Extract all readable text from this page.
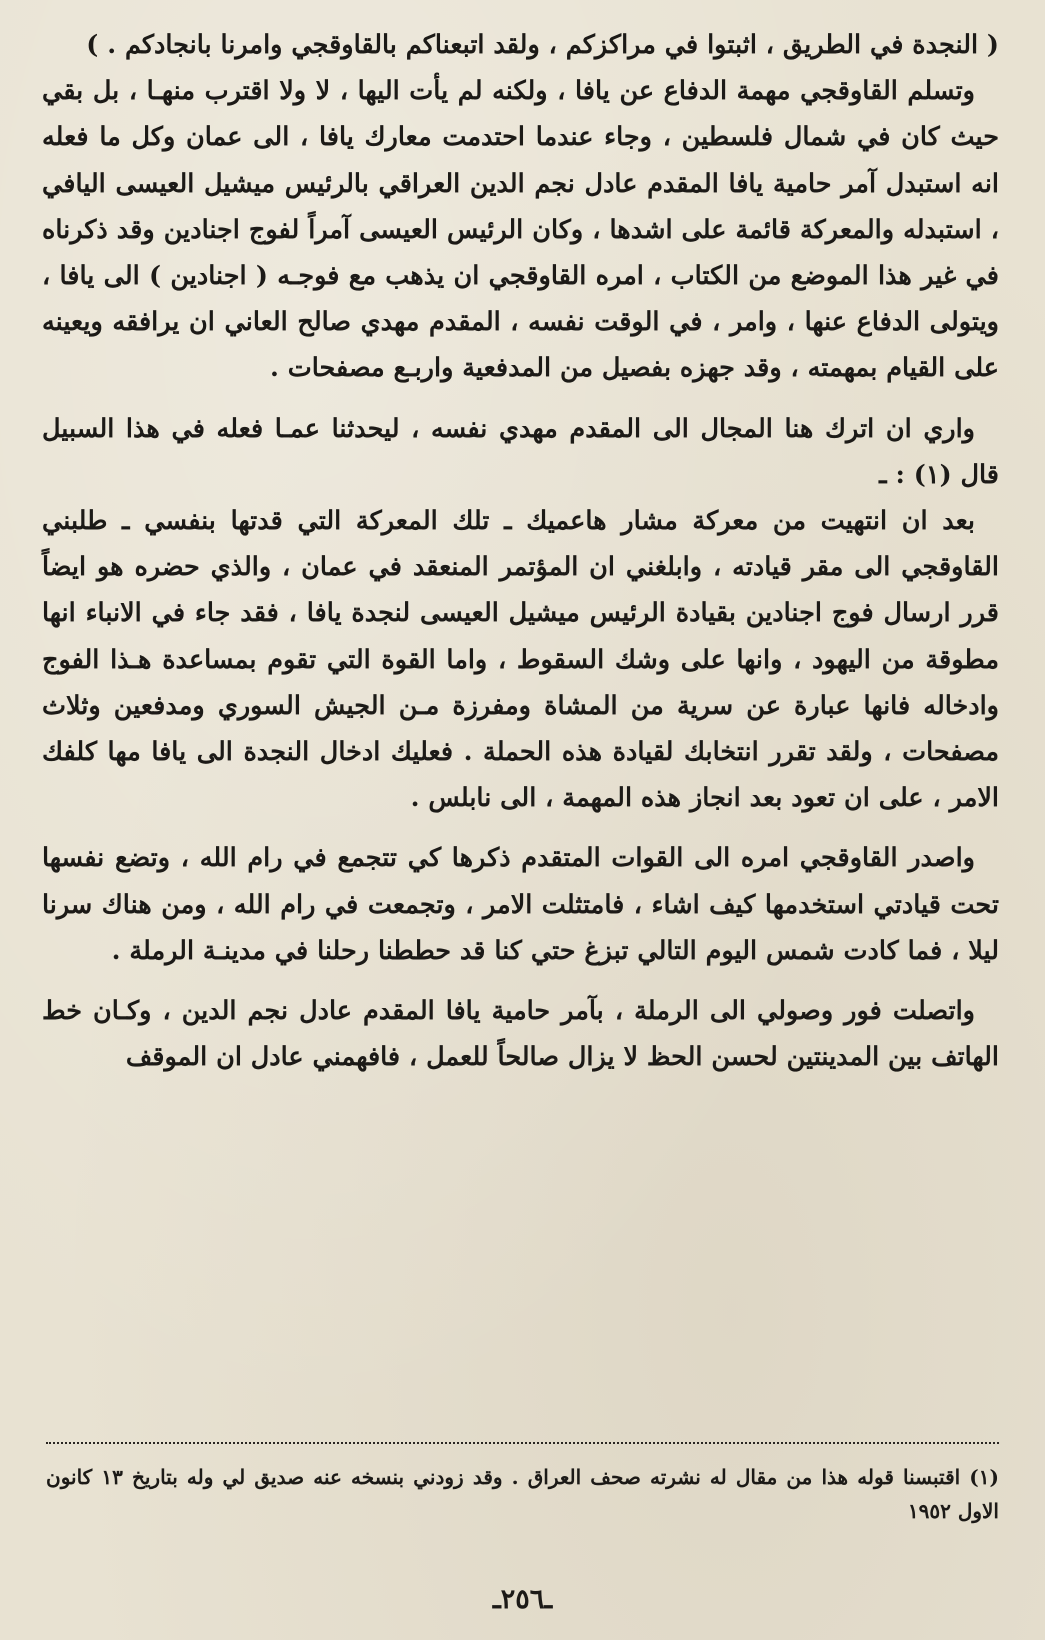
( النجدة في الطريق ، اثبتوا في مراكزكم ، ولقد اتبعناكم بالقاوقجي وامرنا بانجادكم . )

وتسلم القاوقجي مهمة الدفاع عن يافا ، ولكنه لم يأت اليها ، لا ولا اقترب منهـا ، بل بقي حيث كان في شمال فلسطين ، وجاء عندما احتدمت معارك يافا ، الى عمان وكل ما فعله انه استبدل آمر حامية يافا المقدم عادل نجم الدين العراقي بالرئيس ميشيل العيسى اليافي ، استبدله والمعركة قائمة على اشدها ، وكان الرئيس العيسى آمراً لفوج اجنادين وقد ذكرناه في غير هذا الموضع من الكتاب ، امره القاوقجي ان يذهب مع فوجـه ( اجنادين ) الى يافا ، ويتولى الدفاع عنها ، وامر ، في الوقت نفسه ، المقدم مهدي صالح العاني ان يرافقه ويعينه على القيام بمهمته ، وقد جهزه بفصيل من المدفعية واربـع مصفحات .

واري ان اترك هنا المجال الى المقدم مهدي نفسه ، ليحدثنا عمـا فعله في هذا السبيل قال (١) : ـ

بعد ان انتهيت من معركة مشار هاعميك ـ تلك المعركة التي قدتها بنفسي ـ طلبني القاوقجي الى مقر قيادته ، وابلغني ان المؤتمر المنعقد في عمان ، والذي حضره هو ايضاً قرر ارسال فوج اجنادين بقيادة الرئيس ميشيل العيسى لنجدة يافا ، فقد جاء في الانباء انها مطوقة من اليهود ، وانها على وشك السقوط ، واما القوة التي تقوم بمساعدة هـذا الفوج وادخاله فانها عبارة عن سرية من المشاة ومفرزة مـن الجيش السوري ومدفعين وثلاث مصفحات ، ولقد تقرر انتخابك لقيادة هذه الحملة . فعليك ادخال النجدة الى يافا مها كلفك الامر ، على ان تعود بعد انجاز هذه المهمة ، الى نابلس .

واصدر القاوقجي امره الى القوات المتقدم ذكرها كي تتجمع في رام الله ، وتضع نفسها تحت قيادتي استخدمها كيف اشاء ، فامتثلت الامر ، وتجمعت في رام الله ، ومن هناك سرنا ليلا ، فما كادت شمس اليوم التالي تبزغ حتي كنا قد حططنا رحلنا في مدينـة الرملة .

واتصلت فور وصولي الى الرملة ، بآمر حامية يافا المقدم عادل نجم الدين ، وكـان خط الهاتف بين المدينتين لحسن الحظ لا يزال صالحاً للعمل ، فافهمني عادل ان الموقف

(١) اقتبسنا قوله هذا من مقال له نشرته صحف العراق . وقد زودني بنسخه عنه صديق لي وله بتاريخ ١٣ كانون الاول ١٩٥٢
ـ٢٥٦ـ
